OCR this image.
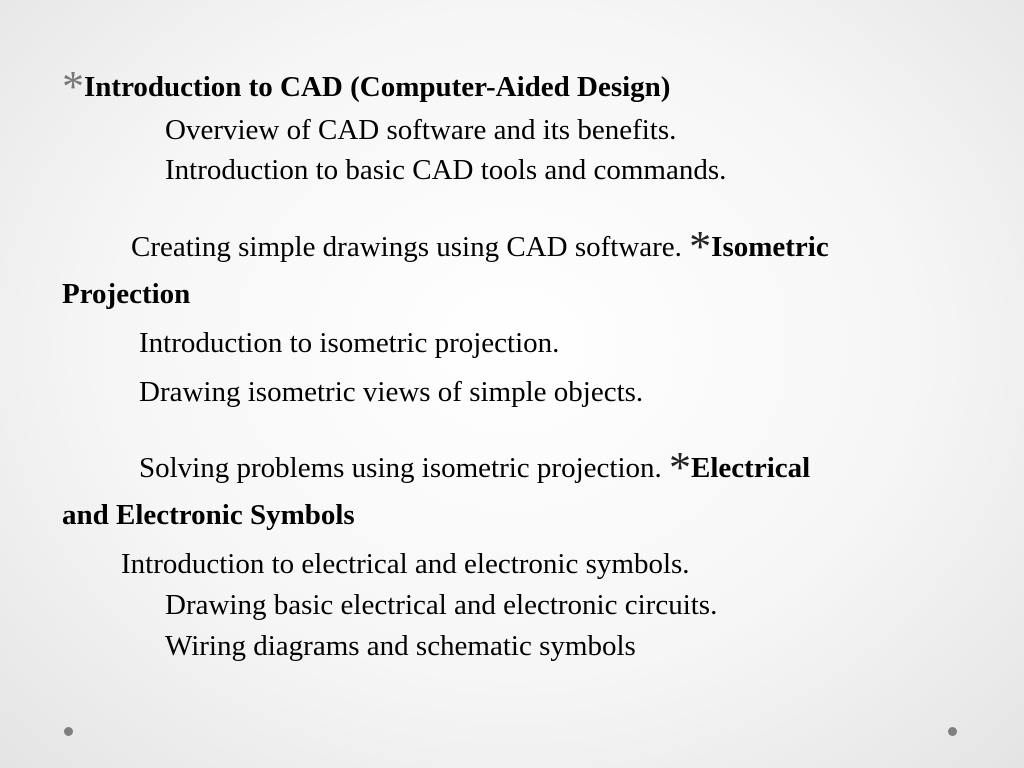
*Introduction to CAD (Computer-Aided Design)
Overview of CAD software and its benefits.
Introduction to basic CAD tools and commands.
Creating simple drawings using CAD software. *Isometric
Projection
Introduction to isometric projection.
Drawing isometric views of simple objects.
Solving problems using isometric projection. *Electrical
and Electronic Symbols
Introduction to electrical and electronic symbols.
Drawing basic electrical and electronic circuits.
Wiring diagrams and schematic symbols
